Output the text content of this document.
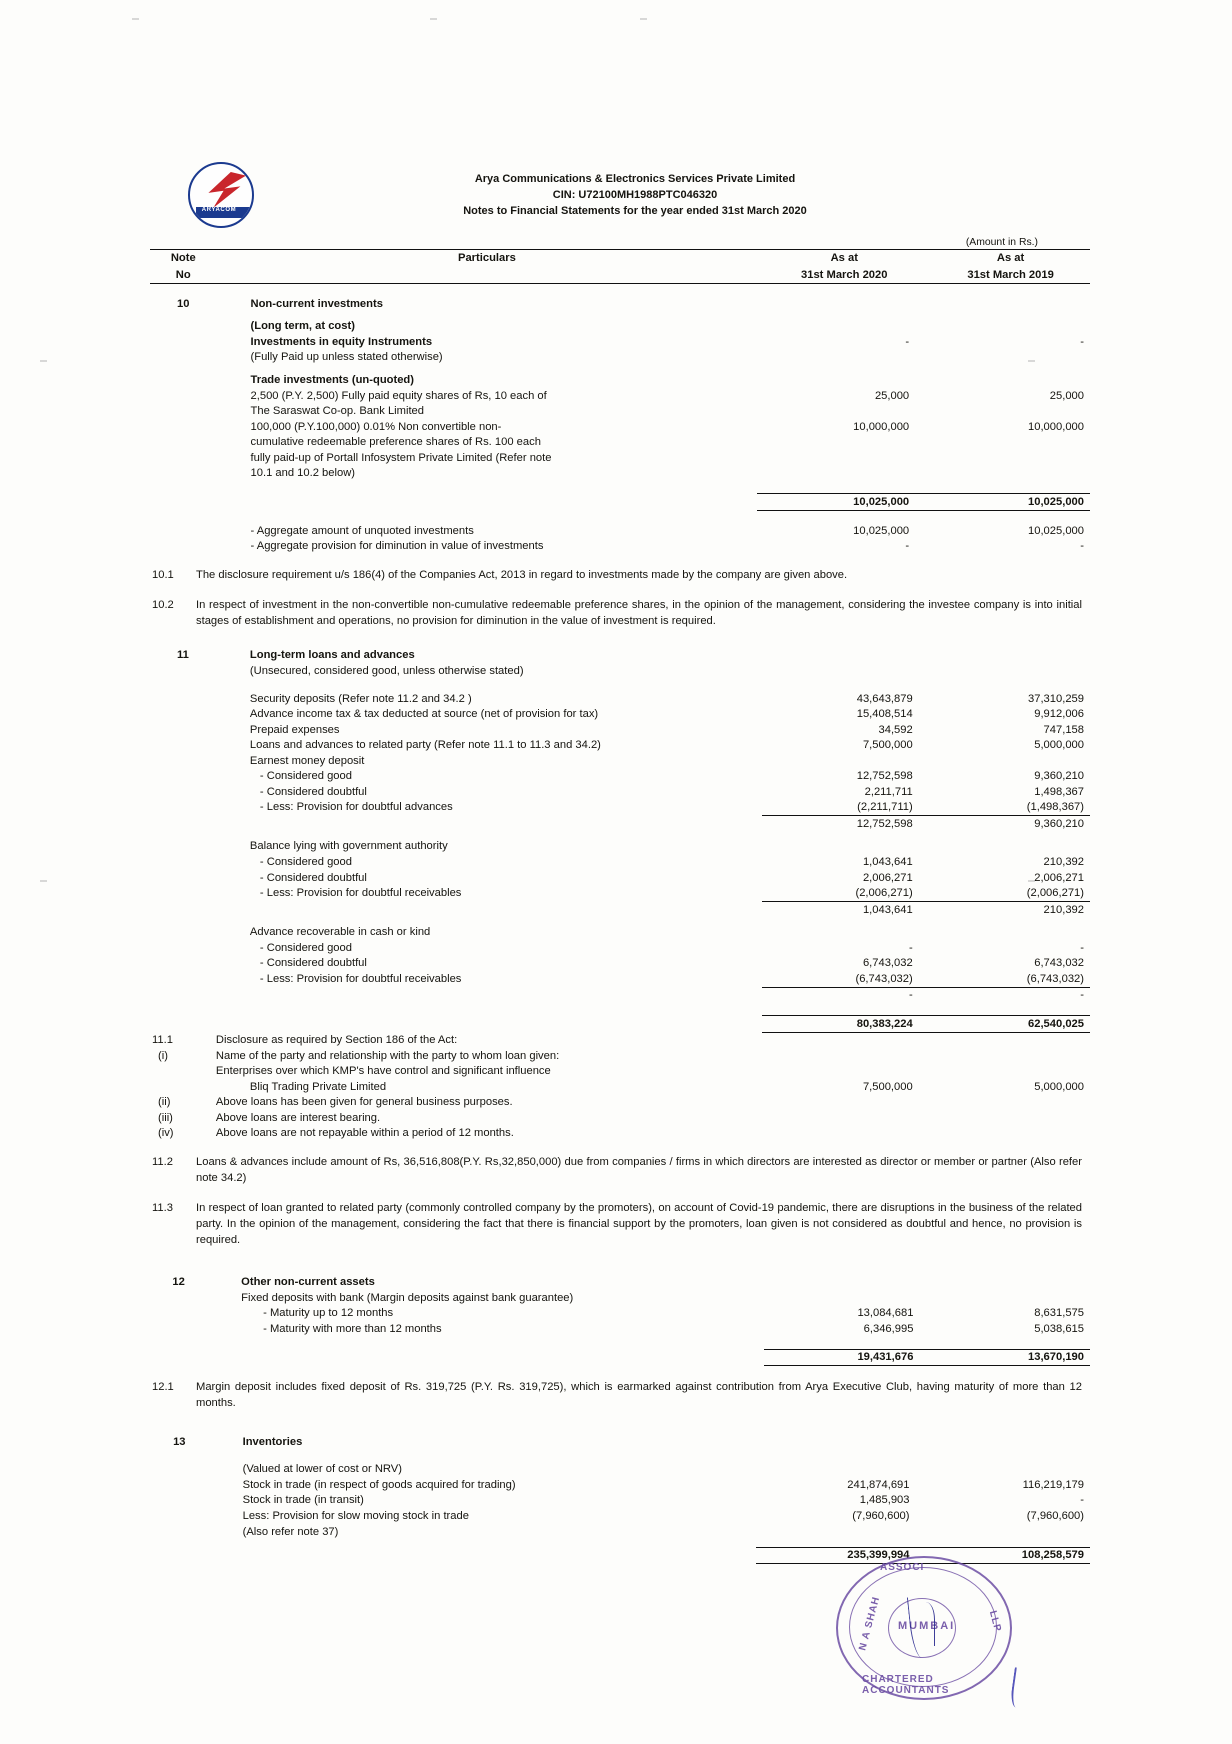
ARYACOM
Arya Communications & Electronics Services Private Limited
CIN: U72100MH1988PTC046320
Notes to Financial Statements for the year ended 31st March 2020
(Amount in Rs.)
Note	Particulars	As at	As at
No		31st March 2020	31st March 2019

10	Non-current investments		

	(Long term, at cost)		
	Investments in equity Instruments	-	-
	(Fully Paid up unless stated otherwise)		

	Trade investments (un-quoted)		
	2,500 (P.Y. 2,500) Fully paid equity shares of Rs, 10 each of	25,000	25,000
	The Saraswat Co-op. Bank Limited		
	100,000 (P.Y.100,000) 0.01% Non convertible non-	10,000,000	10,000,000
	cumulative redeemable preference shares of Rs. 100 each		
	fully paid-up of Portall Infosystem Private Limited (Refer note		
	10.1 and 10.2 below)		

		10,025,000	10,025,000

	- Aggregate amount of unquoted investments	10,025,000	10,025,000
	- Aggregate provision for diminution in value of investments	-	-
10.1	The disclosure requirement u/s 186(4) of the Companies Act, 2013 in regard to investments made by the company are given above.
10.2	In respect of investment in the non-convertible non-cumulative redeemable preference shares, in the opinion of the management, considering the investee company is into initial stages of establishment and operations, no provision for diminution in the value of investment is required.
11	Long-term loans and advances		
	(Unsecured, considered good, unless otherwise stated)		

	Security deposits (Refer note 11.2 and 34.2 )	43,643,879	37,310,259
	Advance income tax & tax deducted at source (net of provision for tax)	15,408,514	9,912,006
	Prepaid expenses	34,592	747,158
	Loans and advances to related party (Refer note 11.1 to 11.3 and 34.2)	7,500,000	5,000,000
	Earnest money deposit		
	- Considered good	12,752,598	9,360,210
	- Considered doubtful	2,211,711	1,498,367
	- Less: Provision for doubtful advances	(2,211,711)	(1,498,367)
		12,752,598	9,360,210

	Balance lying with government authority		
	- Considered good	1,043,641	210,392
	- Considered doubtful	2,006,271	2,006,271
	- Less: Provision for doubtful receivables	(2,006,271)	(2,006,271)
		1,043,641	210,392

	Advance recoverable in cash or kind		
	- Considered good	-	-
	- Considered doubtful	6,743,032	6,743,032
	- Less: Provision for doubtful receivables	(6,743,032)	(6,743,032)
		-	-

		80,383,224	62,540,025
11.1	Disclosure as required by Section 186 of the Act:		
(i)	Name of the party and relationship with the party to whom loan given:		
	Enterprises over which KMP's have control and significant influence		
	Bliq Trading Private Limited	7,500,000	5,000,000
(ii)	Above loans has been given for general business purposes.		
(iii)	Above loans are interest bearing.		
(iv)	Above loans are not repayable within a period of 12 months.		
11.2	Loans & advances include amount of Rs, 36,516,808(P.Y. Rs,32,850,000) due from companies / firms in which directors are interested as director or member or partner (Also refer note 34.2)
11.3	In respect of loan granted to related party (commonly controlled company by the promoters), on account of Covid-19 pandemic, there are disruptions in the business of the related party. In the opinion of the management, considering the fact that there is financial support by the promoters, loan given is not considered as doubtful and hence, no provision is required.
12	Other non-current assets		
	Fixed deposits with bank (Margin deposits against bank guarantee)		
	- Maturity up to 12 months	13,084,681	8,631,575
	- Maturity with more than 12 months	6,346,995	5,038,615

		19,431,676	13,670,190
12.1	Margin deposit includes fixed deposit of Rs. 319,725 (P.Y. Rs. 319,725), which is earmarked against contribution from Arya Executive Club, having maturity of more than 12 months.
13	Inventories		

	(Valued at lower of cost or NRV)		
	Stock in trade (in respect of goods acquired for trading)	241,874,691	116,219,179
	Stock in trade (in transit)	1,485,903	-
	Less: Provision for slow moving stock in trade	(7,960,600)	(7,960,600)
	(Also refer note 37)		

		235,399,994	108,258,579
ASSOCI
N A SHAH	LLP
CHARTERED ACCOUNTANTS
MUMBAI
